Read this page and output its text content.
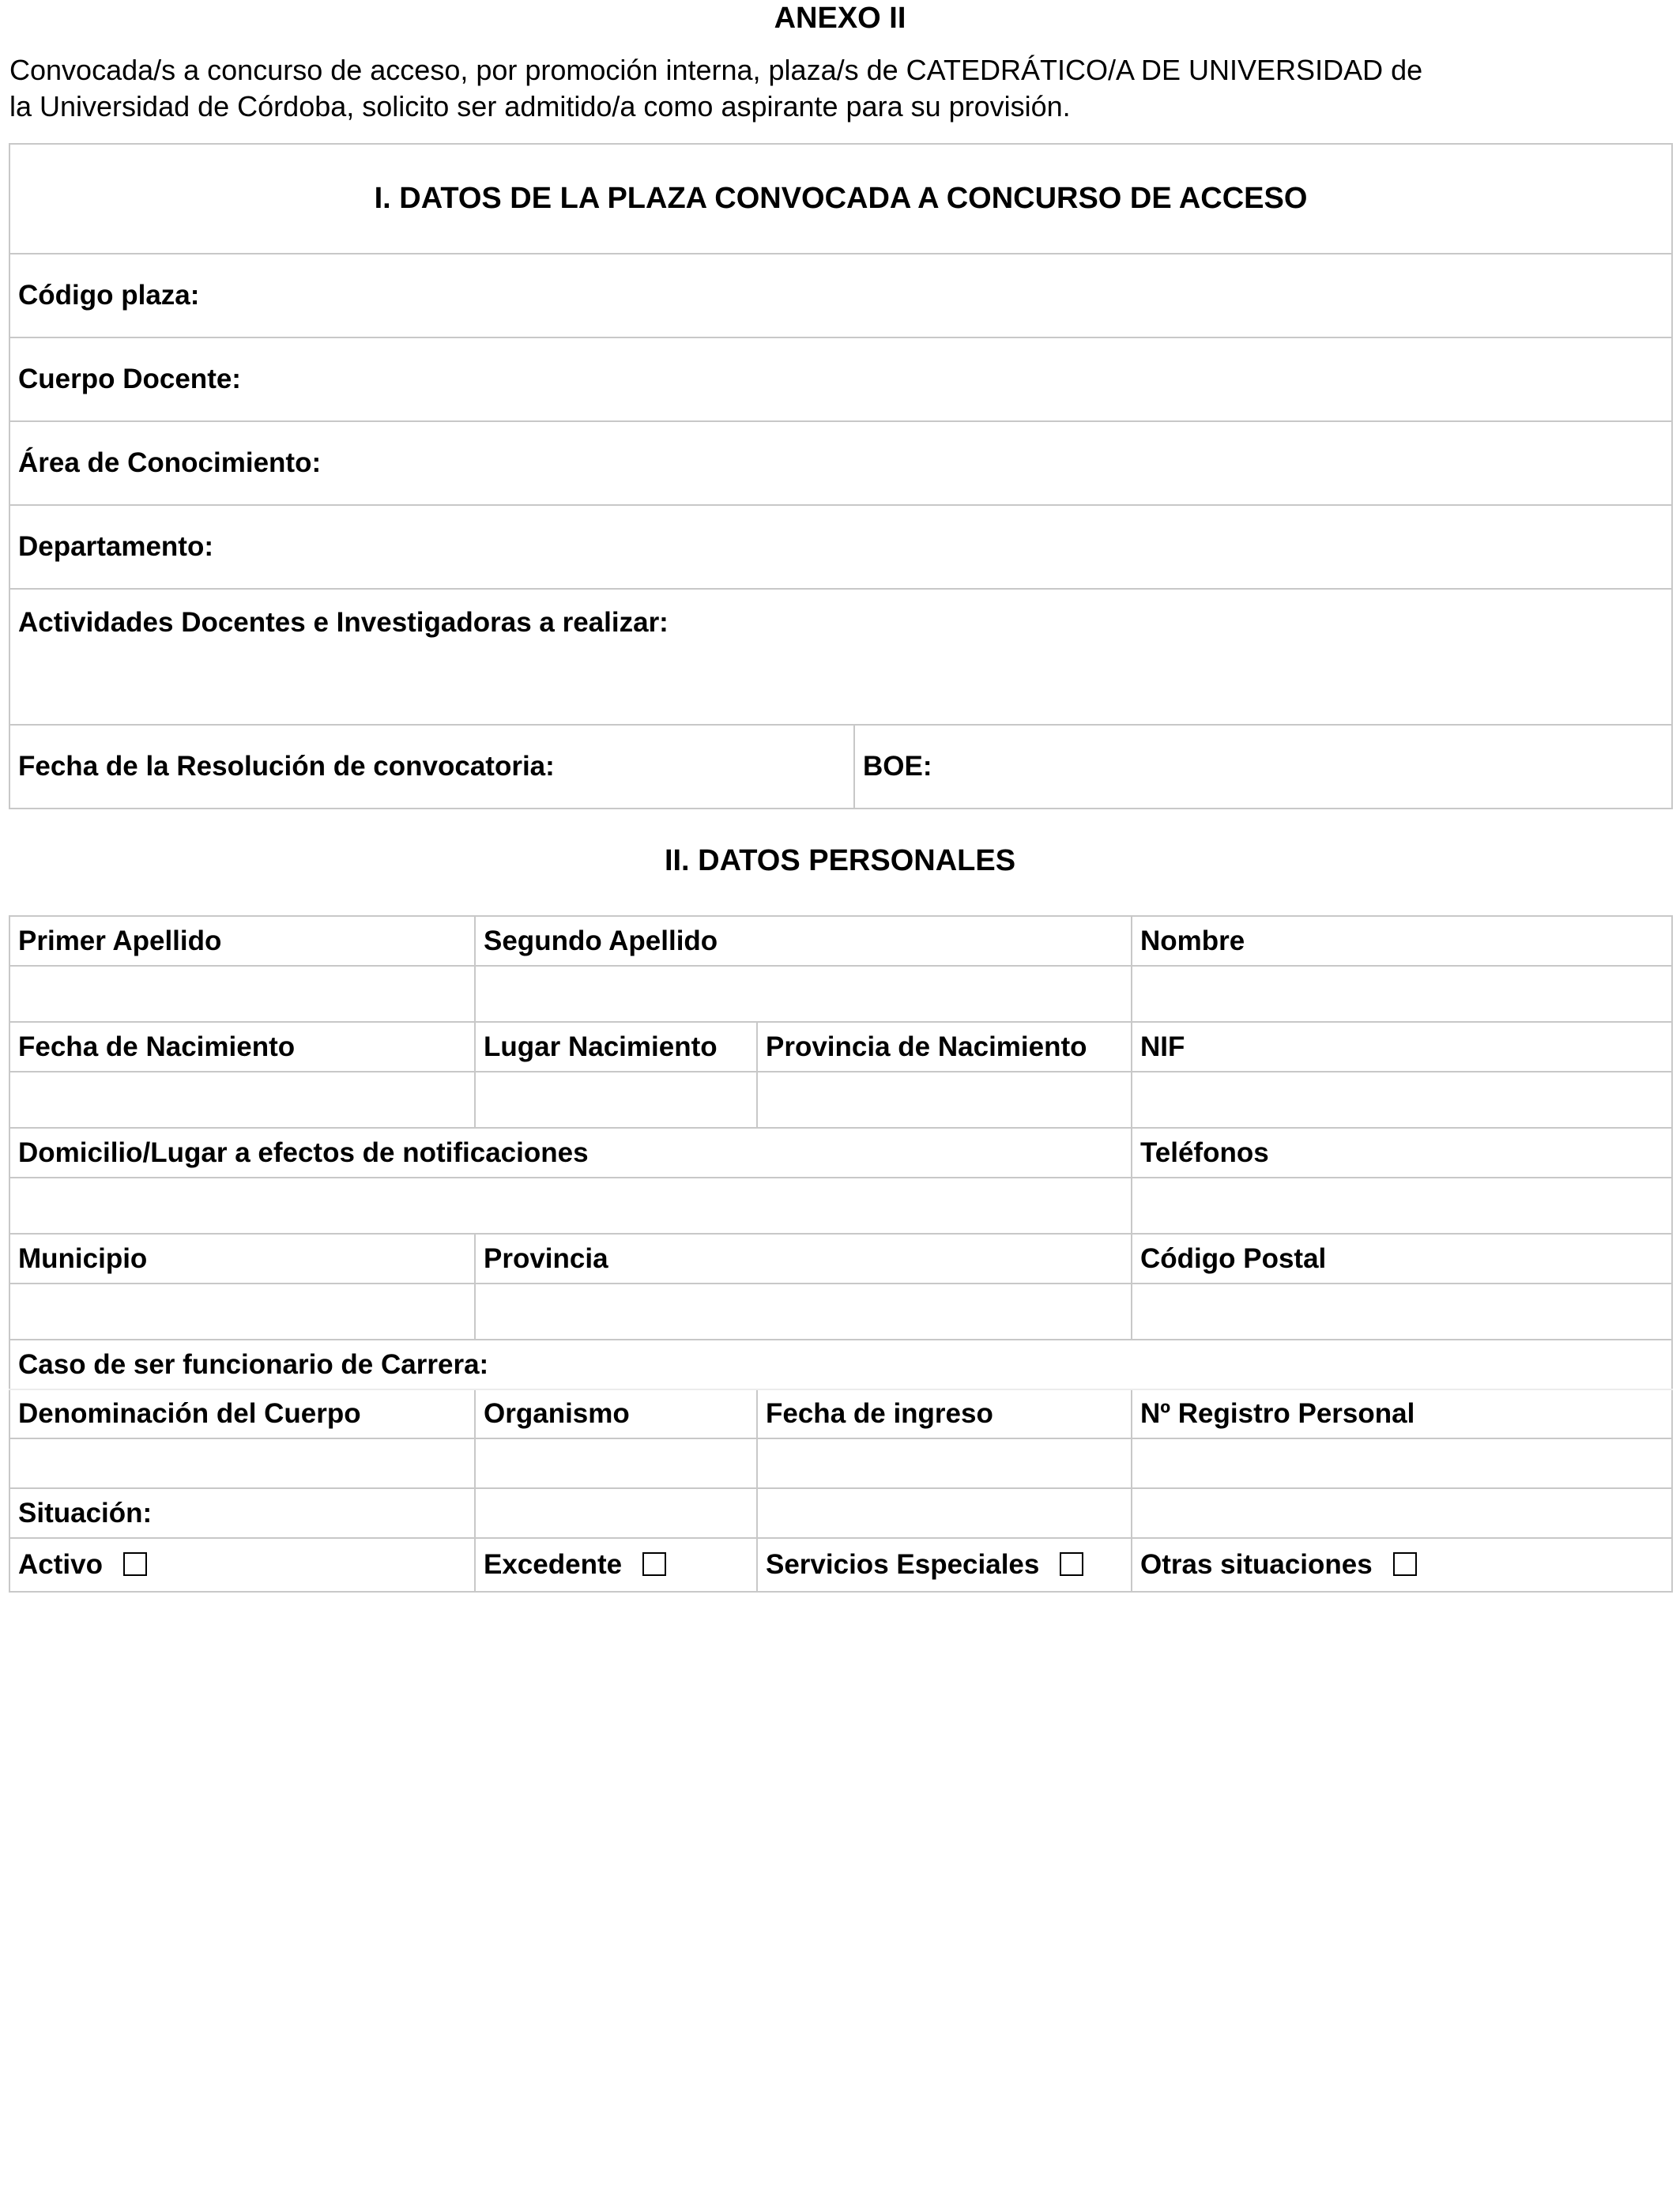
ANEXO II
Convocada/s a concurso de acceso, por promoción interna, plaza/s de CATEDRÁTICO/A DE UNIVERSIDAD de
la Universidad de Córdoba, solicito ser admitido/a como aspirante para su provisión.
I. DATOS DE LA PLAZA CONVOCADA A CONCURSO DE ACCESO
Código plaza:
Cuerpo Docente:
Área de Conocimiento:
Departamento:
Actividades Docentes e Investigadoras a realizar:
Fecha de la Resolución de convocatoria:	BOE:
II. DATOS PERSONALES
Primer Apellido	Segundo Apellido		Nombre

Fecha de Nacimiento	Lugar Nacimiento	Provincia de Nacimiento	NIF

Domicilio/Lugar a efectos de notificaciones			Teléfonos

Municipio	Provincia		Código Postal

Caso de ser funcionario de Carrera:			
Denominación del Cuerpo	Organismo	Fecha de ingreso	Nº Registro Personal

Situación:			
Activo	Excedente	Servicios Especiales	Otras situaciones
